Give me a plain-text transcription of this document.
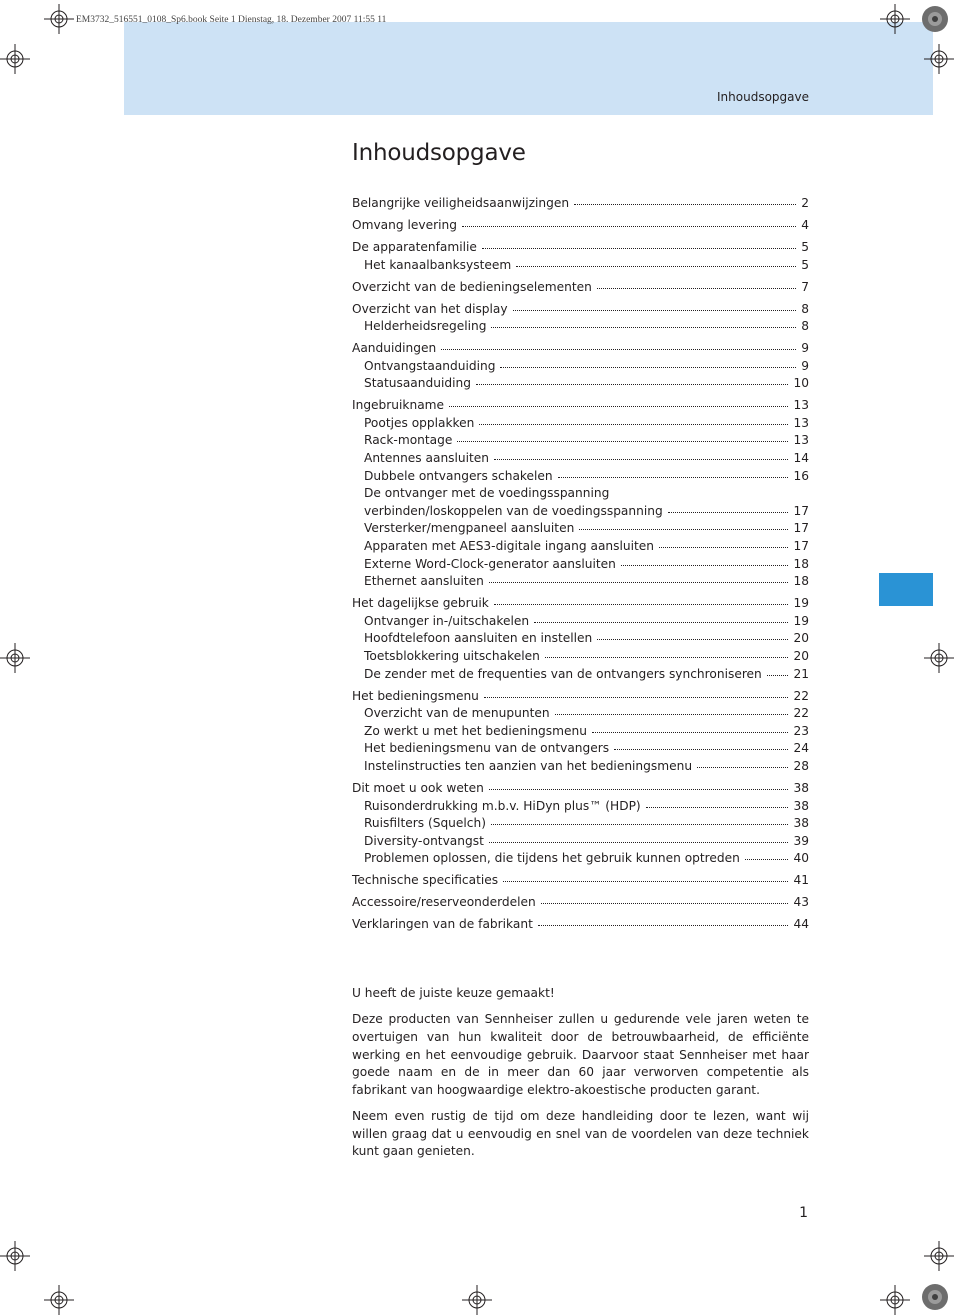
EM3732_516551_0108_Sp6.book Seite 1 Dienstag, 18. Dezember 2007 11:55 11
Inhoudsopgave
Inhoudsopgave
Belangrijke veiligheidsaanwijzingen	2
Omvang levering	4
De apparatenfamilie	5
Het kanaalbanksysteem	5
Overzicht van de bedieningselementen	7
Overzicht van het display	8
Helderheidsregeling	8
Aanduidingen	9
Ontvangstaanduiding	9
Statusaanduiding	10
Ingebruikname	13
Pootjes opplakken	13
Rack-montage	13
Antennes aansluiten	14
Dubbele ontvangers schakelen	16
De ontvanger met de voedingsspanning
verbinden/loskoppelen van de voedingsspanning	17
Versterker/mengpaneel aansluiten	17
Apparaten met AES3-digitale ingang aansluiten	17
Externe Word-Clock-generator aansluiten	18
Ethernet aansluiten	18
Het dagelijkse gebruik	19
Ontvanger in-/uitschakelen	19
Hoofdtelefoon aansluiten en instellen	20
Toetsblokkering uitschakelen	20
De zender met de frequenties van de ontvangers synchroniseren	21
Het bedieningsmenu	22
Overzicht van de menupunten	22
Zo werkt u met het bedieningsmenu	23
Het bedieningsmenu van de ontvangers	24
Instelinstructies ten aanzien van het bedieningsmenu	28
Dit moet u ook weten	38
Ruisonderdrukking m.b.v. HiDyn plus™ (HDP)	38
Ruisfilters (Squelch)	38
Diversity-ontvangst	39
Problemen oplossen, die tijdens het gebruik kunnen optreden	40
Technische specificaties	41
Accessoire/reserveonderdelen	43
Verklaringen van de fabrikant	44

U heeft de juiste keuze gemaakt!

Deze producten van Sennheiser zullen u gedurende vele jaren weten te overtuigen van hun kwaliteit door de betrouwbaarheid, de efficiënte werking en het eenvoudige gebruik. Daarvoor staat Sennheiser met haar goede naam en de in meer dan 60 jaar verworven competentie als fabrikant van hoogwaardige elektro-akoestische producten garant.

Neem even rustig de tijd om deze handleiding door te lezen, want wij willen graag dat u eenvoudig en snel van de voordelen van deze techniek kunt gaan genieten.

1
